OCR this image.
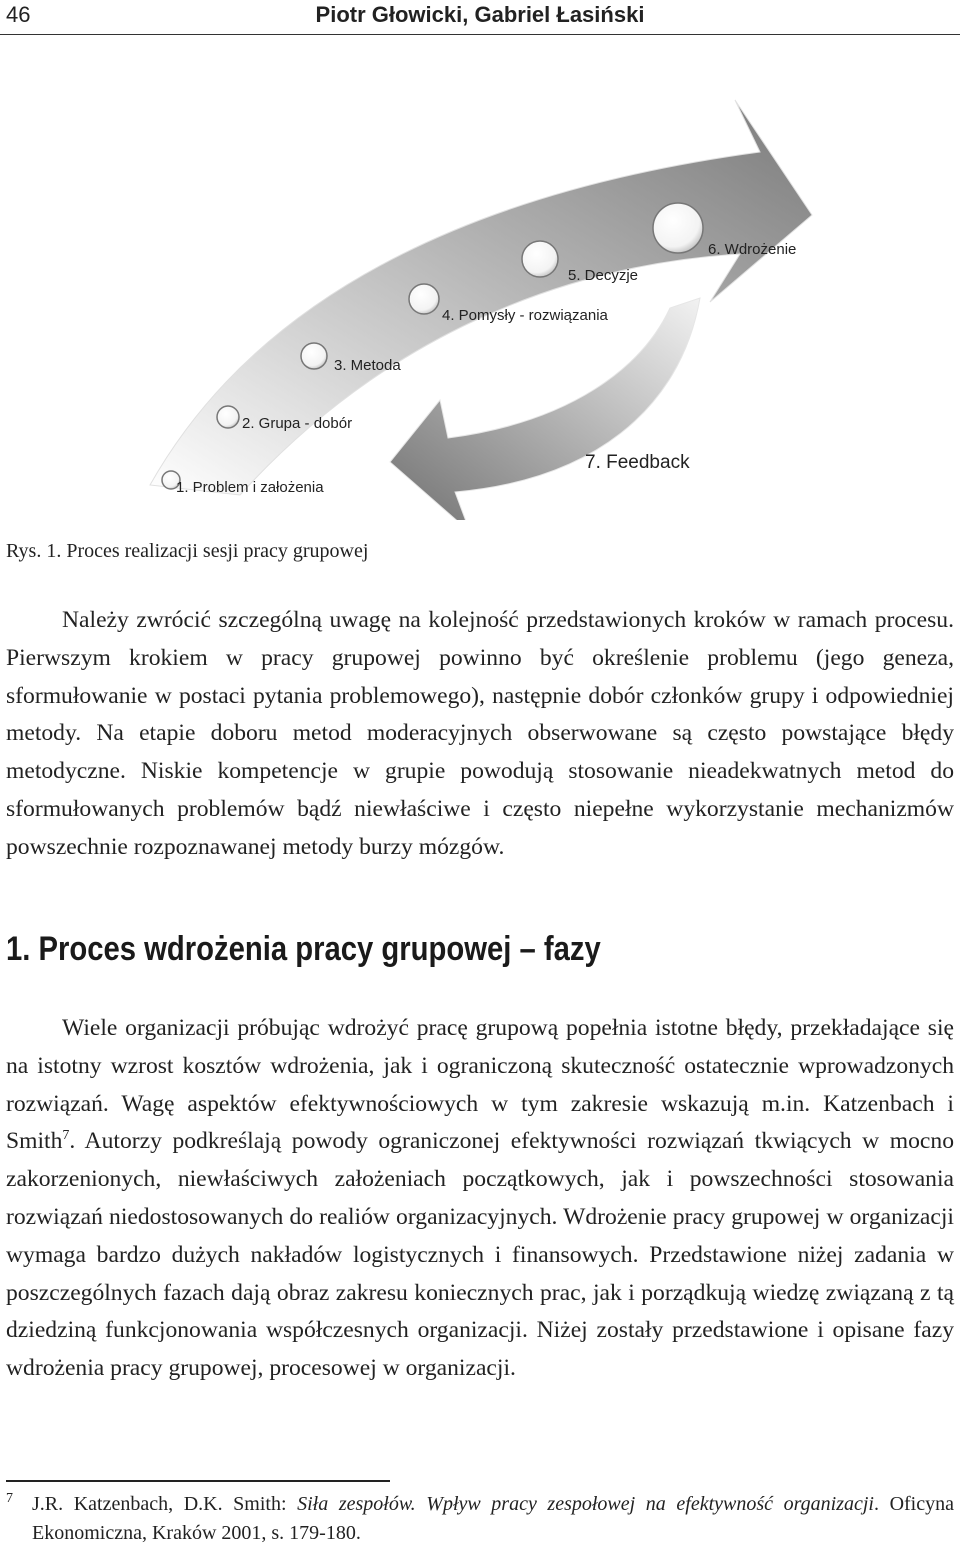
46	Piotr Głowicki, Gabriel Łasiński
1. Problem i założenia
2. Grupa - dobór
3. Metoda
4. Pomysły - rozwiązania
5. Decyzje
6. Wdrożenie
7. Feedback
Rys. 1. Proces realizacji sesji pracy grupowej

Należy zwrócić szczególną uwagę na kolejność przedstawionych kroków w ramach procesu. Pierwszym krokiem w pracy grupowej powinno być określenie problemu (jego geneza, sformułowanie w postaci pytania problemowego), następnie dobór członków grupy i odpowiedniej metody. Na etapie doboru metod moderacyjnych obserwowane są często powstające błędy metodyczne. Niskie kompetencje w grupie powodują stosowanie nieadekwatnych metod do sformułowanych problemów bądź niewłaściwe i często niepełne wykorzystanie mechanizmów powszechnie rozpoznawanej metody burzy mózgów.

1. Proces wdrożenia pracy grupowej – fazy

Wiele organizacji próbując wdrożyć pracę grupową popełnia istotne błędy, przekładające się na istotny wzrost kosztów wdrożenia, jak i ograniczoną skuteczność ostatecznie wprowadzonych rozwiązań. Wagę aspektów efektywnościowych w tym zakresie wskazują m.in. Katzenbach i Smith$^7$. Autorzy podkreślają powody ograniczonej efektywności rozwiązań tkwiących w mocno zakorzenionych, niewłaściwych założeniach początkowych, jak i powszechności stosowania rozwiązań niedostosowanych do realiów organizacyjnych. Wdrożenie pracy grupowej w organizacji wymaga bardzo dużych nakładów logistycznych i finansowych. Przedstawione niżej zadania w poszczególnych fazach dają obraz zakresu koniecznych prac, jak i porządkują wiedzę związaną z tą dziedziną funkcjonowania współczesnych organizacji. Niżej zostały przedstawione i opisane fazy wdrożenia pracy grupowej, procesowej w organizacji.

7 J.R. Katzenbach, D.K. Smith: Siła zespołów. Wpływ pracy zespołowej na efektywność organizacji. Oficyna Ekonomiczna, Kraków 2001, s. 179-180.
